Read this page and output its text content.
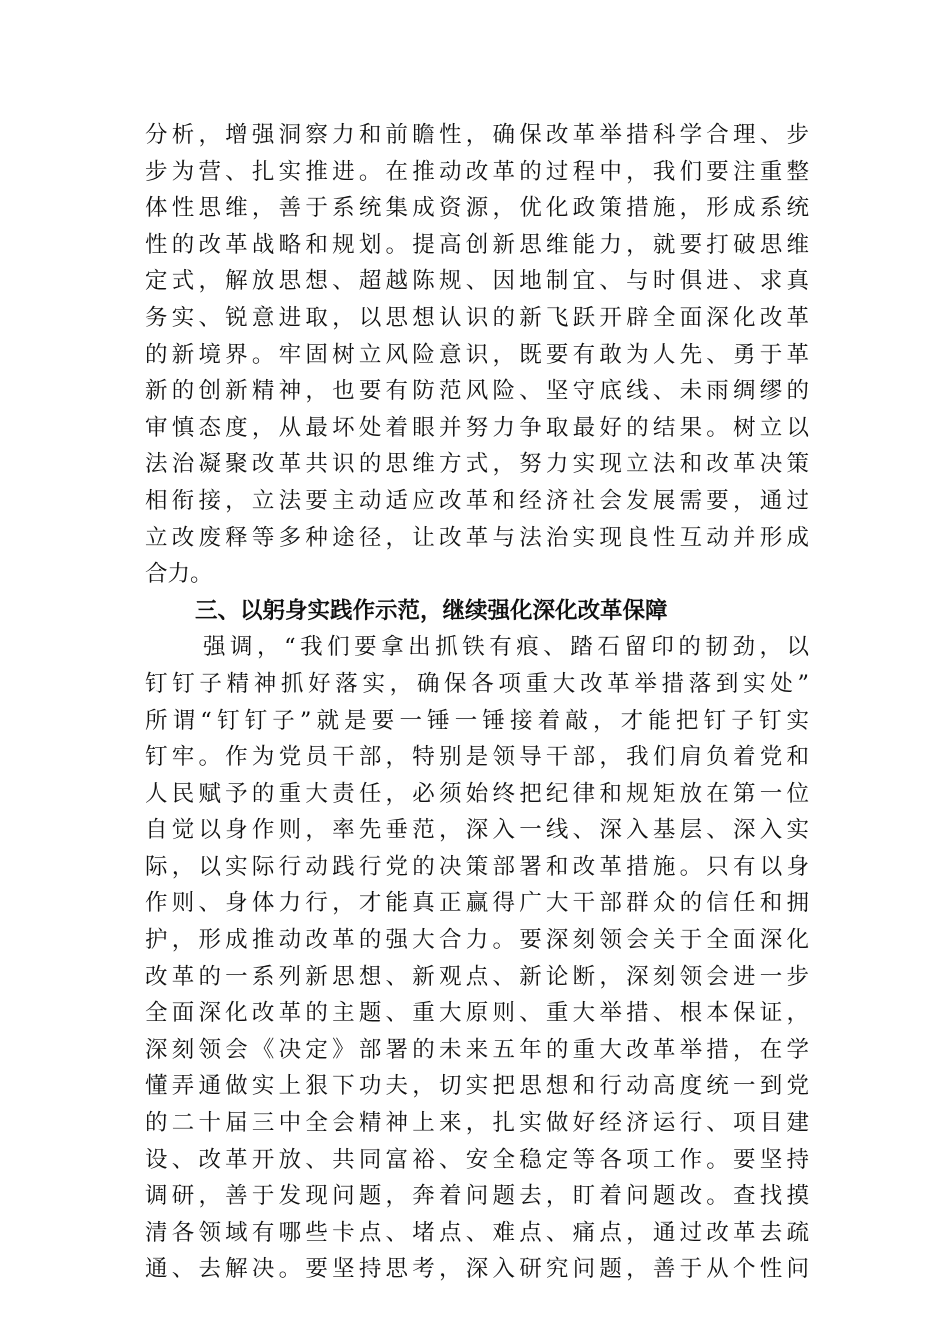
分析，增强洞察力和前瞻性，确保改革举措科学合理、步
步为营、扎实推进。在推动改革的过程中，我们要注重整
体性思维，善于系统集成资源，优化政策措施，形成系统
性的改革战略和规划。提高创新思维能力，就要打破思维
定式，解放思想、超越陈规、因地制宜、与时俱进、求真
务实、锐意进取，以思想认识的新飞跃开辟全面深化改革
的新境界。牢固树立风险意识，既要有敢为人先、勇于革
新的创新精神，也要有防范风险、坚守底线、未雨绸缪的
审慎态度，从最坏处着眼并努力争取最好的结果。树立以
法治凝聚改革共识的思维方式，努力实现立法和改革决策
相衔接，立法要主动适应改革和经济社会发展需要，通过
立改废释等多种途径，让改革与法治实现良性互动并形成
合力。
三、以躬身实践作示范，继续强化深化改革保障
强调，“我们要拿出抓铁有痕、踏石留印的韧劲，以
钉钉子精神抓好落实，确保各项重大改革举措落到实处”
所谓“钉钉子”就是要一锤一锤接着敲，才能把钉子钉实
钉牢。作为党员干部，特别是领导干部，我们肩负着党和
人民赋予的重大责任，必须始终把纪律和规矩放在第一位
自觉以身作则，率先垂范，深入一线、深入基层、深入实
际，以实际行动践行党的决策部署和改革措施。只有以身
作则、身体力行，才能真正赢得广大干部群众的信任和拥
护，形成推动改革的强大合力。要深刻领会关于全面深化
改革的一系列新思想、新观点、新论断，深刻领会进一步
全面深化改革的主题、重大原则、重大举措、根本保证，
深刻领会《决定》部署的未来五年的重大改革举措，在学
懂弄通做实上狠下功夫，切实把思想和行动高度统一到党
的二十届三中全会精神上来，扎实做好经济运行、项目建
设、改革开放、共同富裕、安全稳定等各项工作。要坚持
调研，善于发现问题，奔着问题去，盯着问题改。查找摸
清各领域有哪些卡点、堵点、难点、痛点，通过改革去疏
通、去解决。要坚持思考，深入研究问题，善于从个性问
